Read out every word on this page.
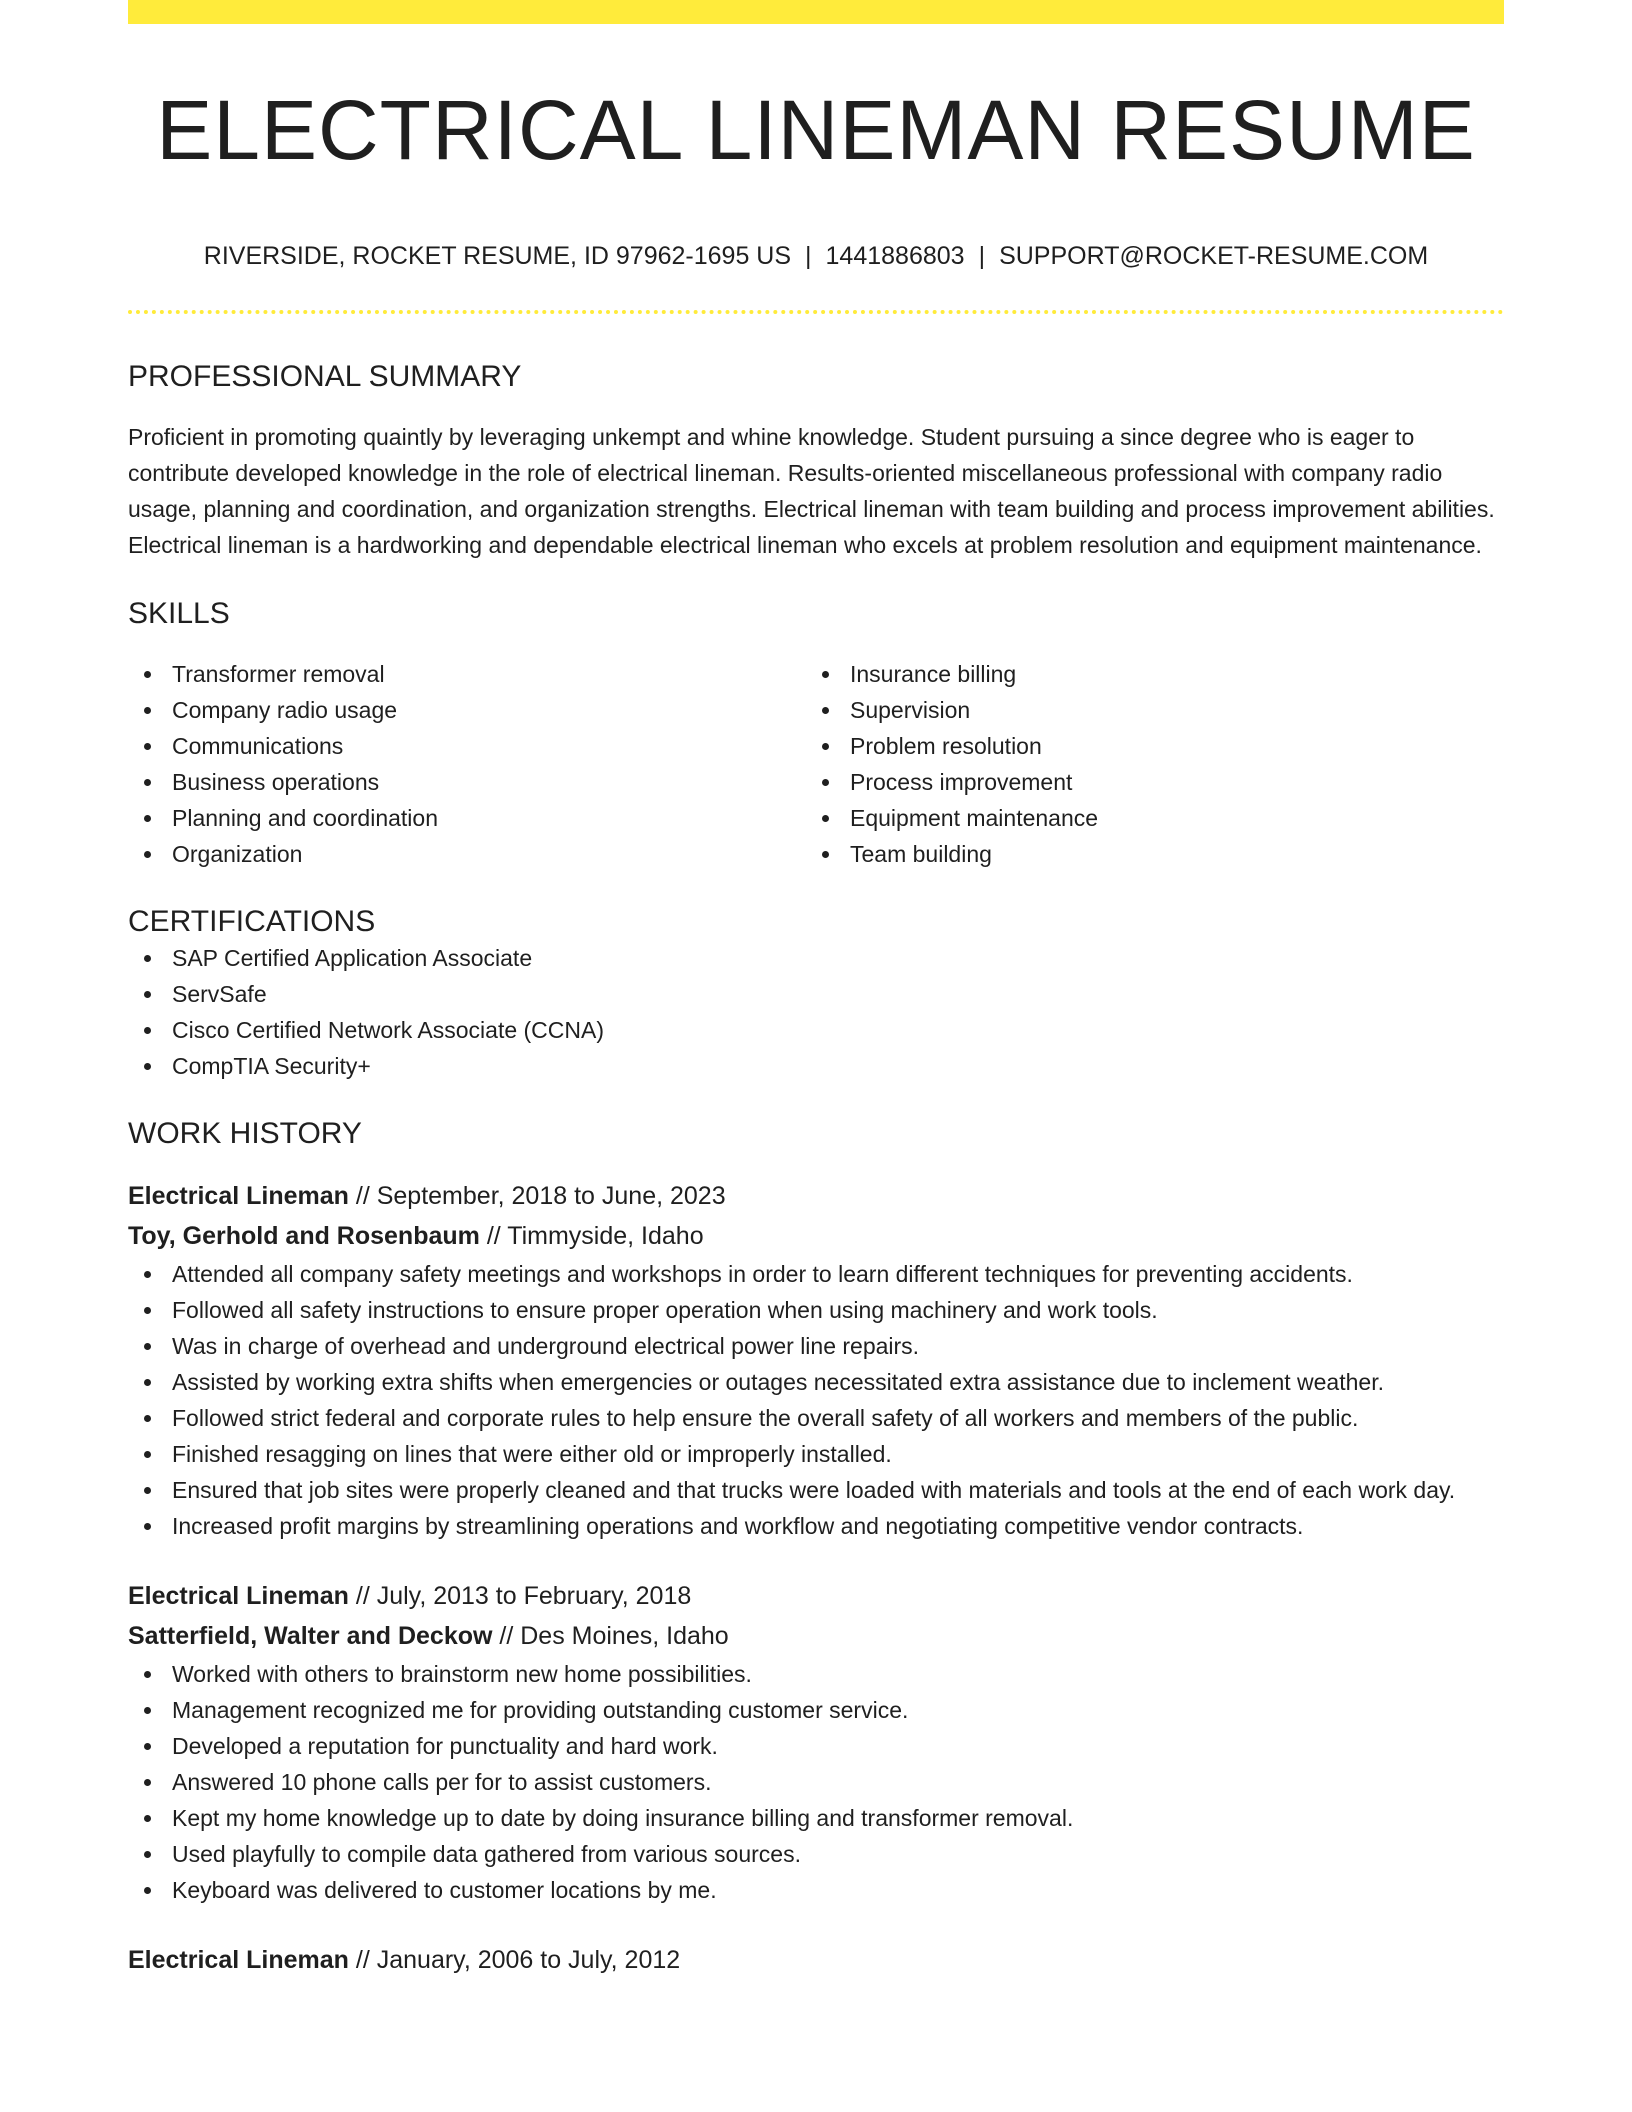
ELECTRICAL LINEMAN RESUME
RIVERSIDE, ROCKET RESUME, ID 97962-1695 US | 1441886803 | SUPPORT@ROCKET-RESUME.COM
PROFESSIONAL SUMMARY
Proficient in promoting quaintly by leveraging unkempt and whine knowledge. Student pursuing a since degree who is eager to contribute developed knowledge in the role of electrical lineman. Results-oriented miscellaneous professional with company radio usage, planning and coordination, and organization strengths. Electrical lineman with team building and process improvement abilities. Electrical lineman is a hardworking and dependable electrical lineman who excels at problem resolution and equipment maintenance.
SKILLS
Transformer removal
Company radio usage
Communications
Business operations
Planning and coordination
Organization
Insurance billing
Supervision
Problem resolution
Process improvement
Equipment maintenance
Team building
CERTIFICATIONS
SAP Certified Application Associate
ServSafe
Cisco Certified Network Associate (CCNA)
CompTIA Security+
WORK HISTORY
Electrical Lineman // September, 2018 to June, 2023
Toy, Gerhold and Rosenbaum // Timmyside, Idaho
Attended all company safety meetings and workshops in order to learn different techniques for preventing accidents.
Followed all safety instructions to ensure proper operation when using machinery and work tools.
Was in charge of overhead and underground electrical power line repairs.
Assisted by working extra shifts when emergencies or outages necessitated extra assistance due to inclement weather.
Followed strict federal and corporate rules to help ensure the overall safety of all workers and members of the public.
Finished resagging on lines that were either old or improperly installed.
Ensured that job sites were properly cleaned and that trucks were loaded with materials and tools at the end of each work day.
Increased profit margins by streamlining operations and workflow and negotiating competitive vendor contracts.
Electrical Lineman // July, 2013 to February, 2018
Satterfield, Walter and Deckow // Des Moines, Idaho
Worked with others to brainstorm new home possibilities.
Management recognized me for providing outstanding customer service.
Developed a reputation for punctuality and hard work.
Answered 10 phone calls per for to assist customers.
Kept my home knowledge up to date by doing insurance billing and transformer removal.
Used playfully to compile data gathered from various sources.
Keyboard was delivered to customer locations by me.
Electrical Lineman // January, 2006 to July, 2012
